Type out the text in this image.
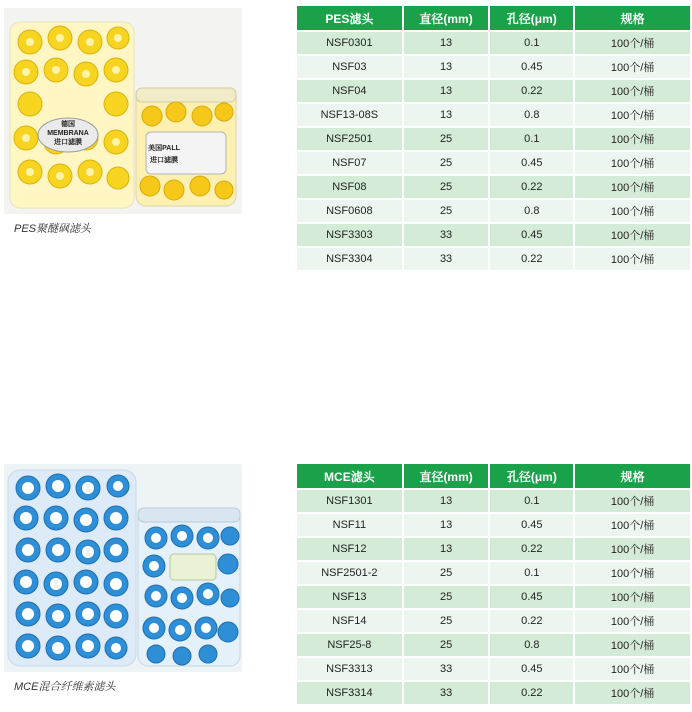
德国
MEMBRANA
进口滤膜
美国PALL
进口滤膜
PES聚醚砜滤头
PES滤头	直径(mm)	孔径(μm)	规格
NSF0301	13	0.1	100个/桶
NSF03	13	0.45	100个/桶
NSF04	13	0.22	100个/桶
NSF13-08S	13	0.8	100个/桶
NSF2501	25	0.1	100个/桶
NSF07	25	0.45	100个/桶
NSF08	25	0.22	100个/桶
NSF0608	25	0.8	100个/桶
NSF3303	33	0.45	100个/桶
NSF3304	33	0.22	100个/桶
MCE混合纤维素滤头
MCE滤头	直径(mm)	孔径(μm)	规格
NSF1301	13	0.1	100个/桶
NSF11	13	0.45	100个/桶
NSF12	13	0.22	100个/桶
NSF2501-2	25	0.1	100个/桶
NSF13	25	0.45	100个/桶
NSF14	25	0.22	100个/桶
NSF25-8	25	0.8	100个/桶
NSF3313	33	0.45	100个/桶
NSF3314	33	0.22	100个/桶
